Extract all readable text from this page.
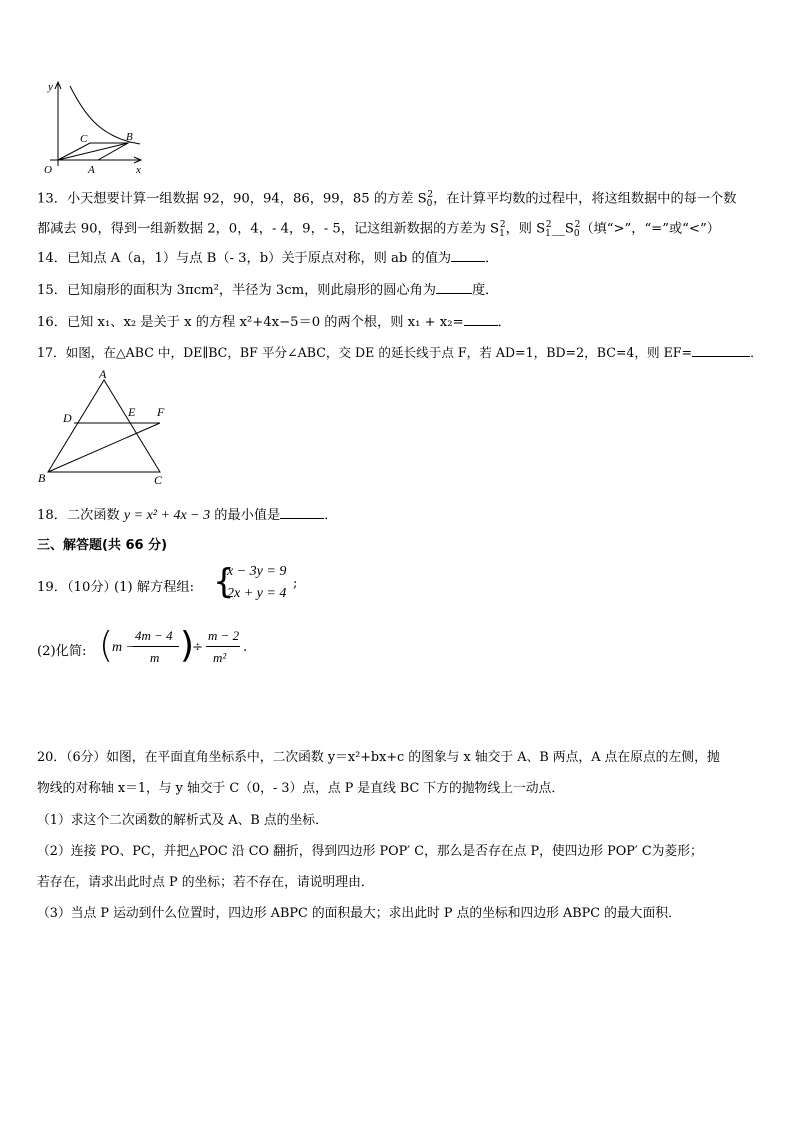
y
x
O	A
B
C
13．小天想要计算一组数据 92，90，94，86，99，85 的方差 $S_0^2$，在计算平均数的过程中，将这组数据中的每一个数
都减去 90，得到一组新数据 2，0，4，- 4，9，- 5，记这组新数据的方差为 $S_1^2$，则 $S_1^2\_\_S_0^2$（填“>”，“=”或“<”）
14．已知点 A（a，1）与点 B（- 3，b）关于原点对称，则 ab 的值为	．
15．已知扇形的面积为 3πcm²，半径为 3cm，则此扇形的圆心角为	度．
16．已知 x₁、x₂ 是关于 x 的方程 x²+4x−5＝0 的两个根，则 x₁ + x₂=	．
17．如图，在△ABC 中，DE∥BC，BF 平分∠ABC，交 DE 的延长线于点 F，若 AD=1，BD=2，BC=4，则 EF=	．
A
D	E F
B	C
18．二次函数 y = x² + 4x − 3 的最小值是	．
三、解答题(共 66 分)
19．（10分）
(1) 解方程组: {
x − 3y = 9
2x + y = 4
;
(2)化简: (
m −
4m − 4
m )
÷
m − 2
m²
.
20．（6分）如图，在平面直角坐标系中，二次函数 y＝x²+bx+c 的图象与 x 轴交于 A、B 两点，A 点在原点的左侧，抛
物线的对称轴 x＝1，与 y 轴交于 C（0，- 3）点，点 P 是直线 BC 下方的抛物线上一动点．
（1）求这个二次函数的解析式及 A、B 点的坐标．
（2）连接 PO、PC，并把△POC 沿 CO 翻折，得到四边形 POP′ C，那么是否存在点 P，使四边形 POP′ C为菱形；
若存在，请求出此时点 P 的坐标；若不存在，请说明理由．
（3）当点 P 运动到什么位置时，四边形 ABPC 的面积最大；求出此时 P 点的坐标和四边形 ABPC 的最大面积．
